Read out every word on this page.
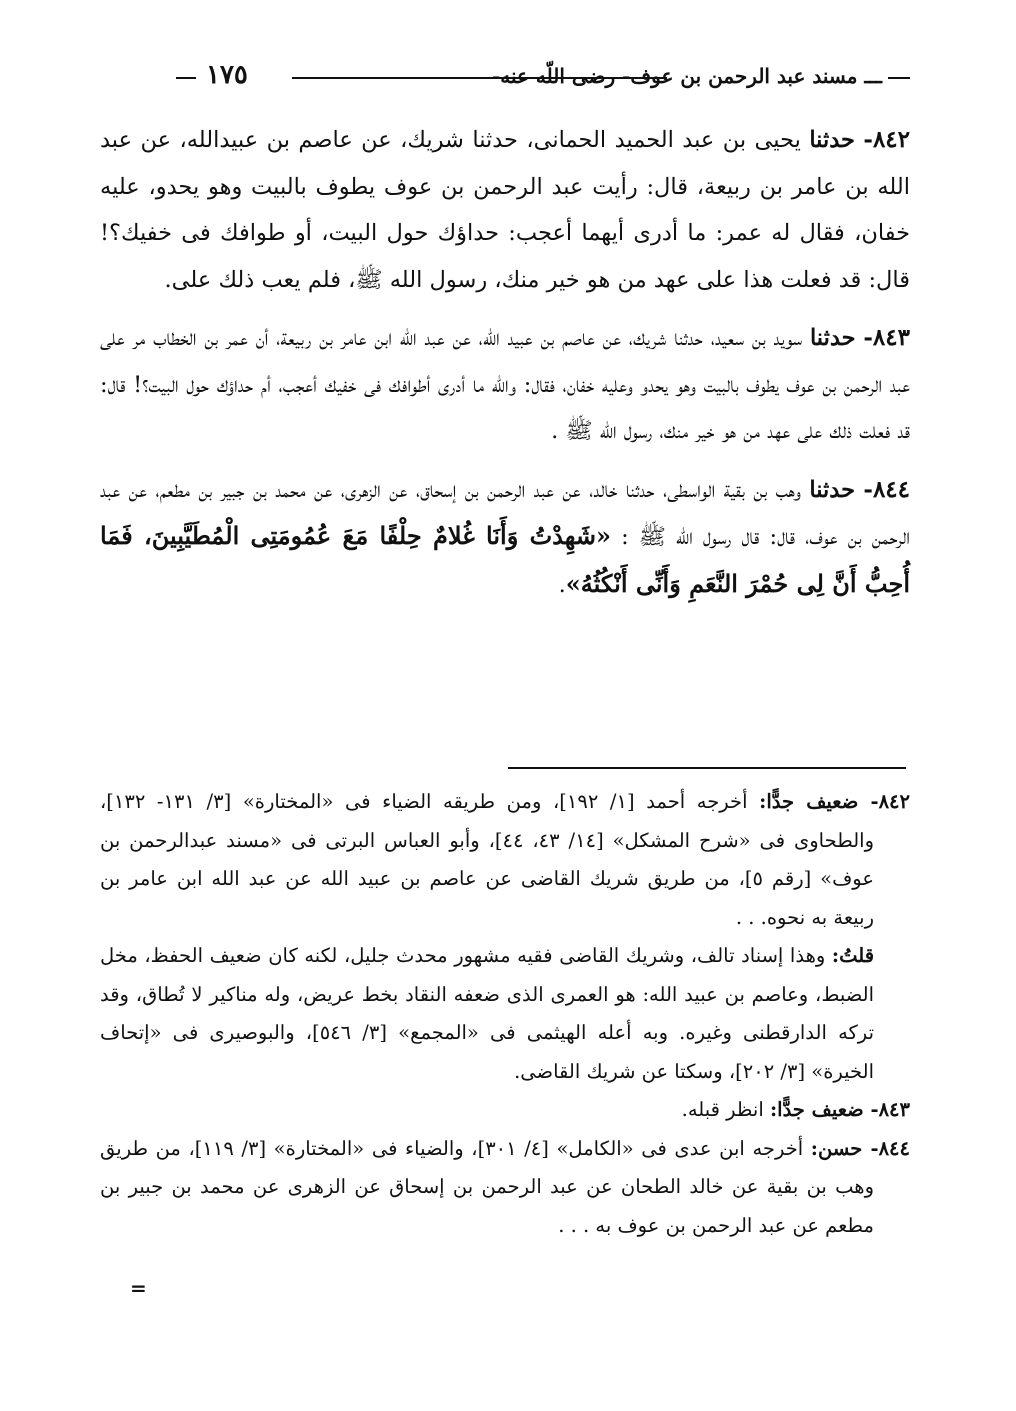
ـــ مسند عبد الرحمن بن عوف- رضى اللّه عنه-
١٧٥

٨٤٢- حدثنا يحيى بن عبد الحميد الحمانى، حدثنا شريك، عن عاصم بن عبيدالله، عن عبد الله بن عامر بن ربيعة، قال: رأيت عبد الرحمن بن عوف يطوف بالبيت وهو يحدو، عليه خفان، فقال له عمر: ما أدرى أيهما أعجب: حداؤك حول البيت، أو طوافك فى خفيك؟! قال: قد فعلت هذا على عهد من هو خير منك، رسول الله ﷺ، فلم يعب ذلك على.

٨٤٣- حدثنا سويد بن سعيد، حدثنا شريك، عن عاصم بن عبيد الله، عن عبد الله ابن عامر بن ربيعة، أن عمر بن الخطاب مر على عبد الرحمن بن عوف يطوف بالبيت وهو يحدو وعليه خفان، فقال: والله ما أدرى أطوافك فى خفيك أعجب، أم حداؤك حول البيت؟! قال: قد فعلت ذلك على عهد من هو خير منك، رسول الله ﷺ .

٨٤٤- حدثنا وهب بن بقية الواسطى، حدثنا خالد، عن عبد الرحمن بن إسحاق، عن الزهرى، عن محمد بن جبير بن مطعم، عن عبد الرحمن بن عوف، قال: قال رسول الله ﷺ : «شَهِدْتُ وَأَنَا غُلامٌ حِلْفًا مَعَ عُمُومَتِى الْمُطَيَّبِينَ، فَمَا أُحِبُّ أَنَّ لِى حُمْرَ النَّعَمِ وَأَنِّى أَنْكُثُهُ».

٨٤٢- ضعيف جدًّا: أخرجه أحمد [١/ ١٩٢]، ومن طريقه الضياء فى «المختارة» [٣/ ١٣١- ١٣٢]، والطحاوى فى «شرح المشكل» [١٤/ ٤٣، ٤٤]، وأبو العباس البرتى فى «مسند عبدالرحمن بن عوف» [رقم ٥]، من طريق شريك القاضى عن عاصم بن عبيد الله عن عبد الله ابن عامر بن ربيعة به نحوه. . .

قلتُ: وهذا إسناد تالف، وشريك القاضى فقيه مشهور محدث جليل، لكنه كان ضعيف الحفظ، مخل الضبط، وعاصم بن عبيد الله: هو العمرى الذى ضعفه النقاد بخط عريض، وله مناكير لا تُطاق، وقد تركه الدارقطنى وغيره. وبه أعله الهيثمى فى «المجمع» [٣/ ٥٤٦]، والبوصيرى فى «إتحاف الخيرة» [٣/ ٢٠٢]، وسكتا عن شريك القاضى.

٨٤٣- ضعيف جدًّا: انظر قبله.

٨٤٤- حسن: أخرجه ابن عدى فى «الكامل» [٤/ ٣٠١]، والضياء فى «المختارة» [٣/ ١١٩]، من طريق وهب بن بقية عن خالد الطحان عن عبد الرحمن بن إسحاق عن الزهرى عن محمد بن جبير بن مطعم عن عبد الرحمن بن عوف به . . .

=
